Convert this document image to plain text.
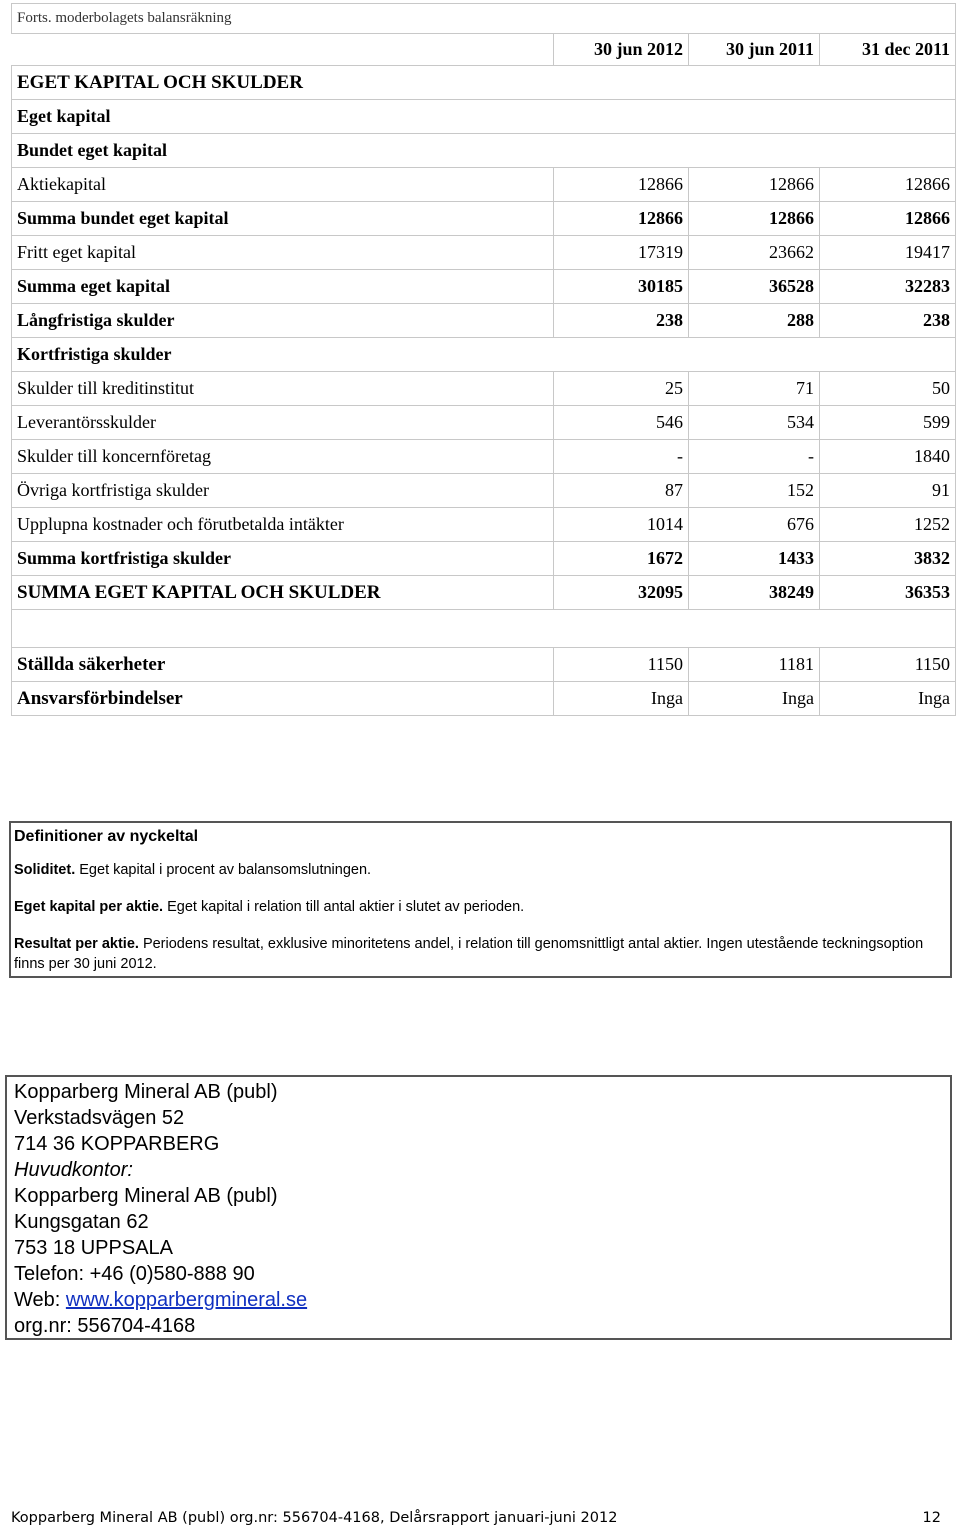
Forts. moderbolagets balansräkning			
	30 jun 2012	30 jun 2011	31 dec 2011
EGET KAPITAL OCH SKULDER			
Eget kapital			
Bundet eget kapital			
Aktiekapital	12866	12866	12866
Summa bundet eget kapital	12866	12866	12866
Fritt eget kapital	17319	23662	19417
Summa eget kapital	30185	36528	32283
Långfristiga skulder	238	288	238
Kortfristiga skulder			
Skulder till kreditinstitut	25	71	50
Leverantörsskulder	546	534	599
Skulder till koncernföretag	-	-	1840
Övriga kortfristiga skulder	87	152	91
Upplupna kostnader och förutbetalda intäkter	1014	676	1252
Summa kortfristiga skulder	1672	1433	3832
SUMMA EGET KAPITAL OCH SKULDER	32095	38249	36353

Ställda säkerheter	1150	1181	1150
Ansvarsförbindelser	Inga	Inga	Inga
Definitioner av nyckeltal

Soliditet. Eget kapital i procent av balansomslutningen.

Eget kapital per aktie. Eget kapital i relation till antal aktier i slutet av perioden.

Resultat per aktie. Periodens resultat, exklusive minoritetens andel, i relation till genomsnittligt antal aktier. Ingen utestående teckningsoption finns per 30 juni 2012.

Kopparberg Mineral AB (publ)
Verkstadsvägen 52
714 36 KOPPARBERG
Huvudkontor:
Kopparberg Mineral AB (publ)
Kungsgatan 62
753 18 UPPSALA
Telefon: +46 (0)580-888 90
Web: www.kopparbergmineral.se
org.nr: 556704-4168
Kopparberg Mineral AB (publ) org.nr: 556704-4168, Delårsrapport januari-juni 2012	12
